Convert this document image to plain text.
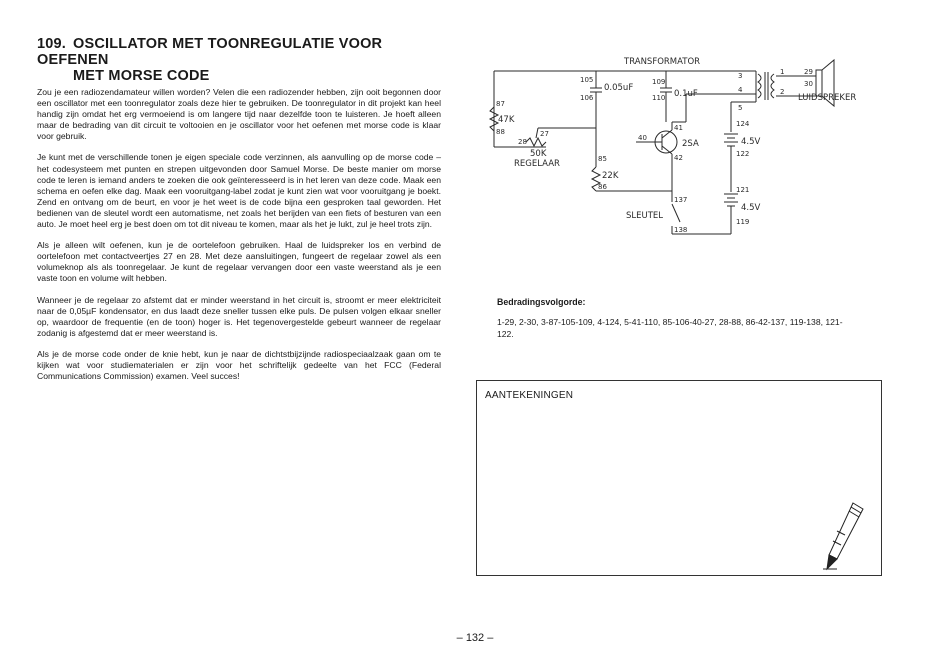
109. OSCILLATOR MET TOONREGULATIE VOOR OEFENEN
MET MORSE CODE

Zou je een radiozendamateur willen worden? Velen die een radiozender hebben, zijn ooit begonnen door een oscillator met een toonregulator zoals deze hier te gebruiken. De toonregulator in dit projekt kan heel handig zijn omdat het erg vermoeiend is om langere tijd naar dezelfde toon te luisteren. Je hoeft alleen maar de bedrading van dit circuit te voltooien en je oscillator voor het oefenen met morse code is klaar voor gebruik.

Je kunt met de verschillende tonen je eigen speciale code verzinnen, als aanvulling op de morse code – het codesysteem met punten en strepen uitgevonden door Samuel Morse. De beste manier om morse code te leren is iemand anders te zoeken die ook geïnteresseerd is in het leren van deze code. Maak een schema en oefen elke dag. Maak een vooruitgang-label zodat je kunt zien wat voor vooruitgang je boekt. Zend en ontvang om de beurt, en voor je het weet is de code bijna een gesproken taal geworden. Het bedienen van de sleutel wordt een automatisme, net zoals het berijden van een fiets of besturen van een auto. Je moet heel erg je best doen om tot dit niveau te komen, maar als het je lukt, zul je heel trots zijn.

Als je alleen wilt oefenen, kun je de oortelefoon gebruiken. Haal de luidspreker los en verbind de oortelefoon met contactveertjes 27 en 28. Met deze aansluitingen, fungeert de regelaar zowel als een volumeknop als als toonregelaar. Je kunt de regelaar vervangen door een vaste weerstand als je een vaste toon en volume wilt hebben.

Wanneer je de regelaar zo afstemt dat er minder weerstand in het circuit is, stroomt er meer elektriciteit naar de 0,05µF kondensator, en dus laadt deze sneller tussen elke puls. De pulsen volgen elkaar sneller op, waardoor de frequentie (en de toon) hoger is. Het tegenovergestelde gebeurt wanneer de regelaar zodanig is afgestemd dat er meer weerstand is.

Als je de morse code onder de knie hebt, kun je naar de dichtstbijzijnde radiospeciaalzaak gaan om te kijken wat voor studiematerialen er zijn voor het schriftelijk gedeelte van het FCC (Federal Communications Commission) examen. Veel succes!

TRANSFORMATOR
LUIDSPREKER
REGELAAR
SLEUTEL
0.05uF
0.1uF
47K
22K
50K
2SA	4.5V
4.5V
105
106
109
110
87
88
28
27
85
86
40
41
42
137
138
3
4
5
1
2
29
30
124
122
121
119
Bedradingsvolgorde:
1-29, 2-30, 3-87-105-109, 4-124, 5-41-110, 85-106-40-27, 28-88, 86-42-137, 119-138, 121-122.
AANTEKENINGEN
– 132 –
